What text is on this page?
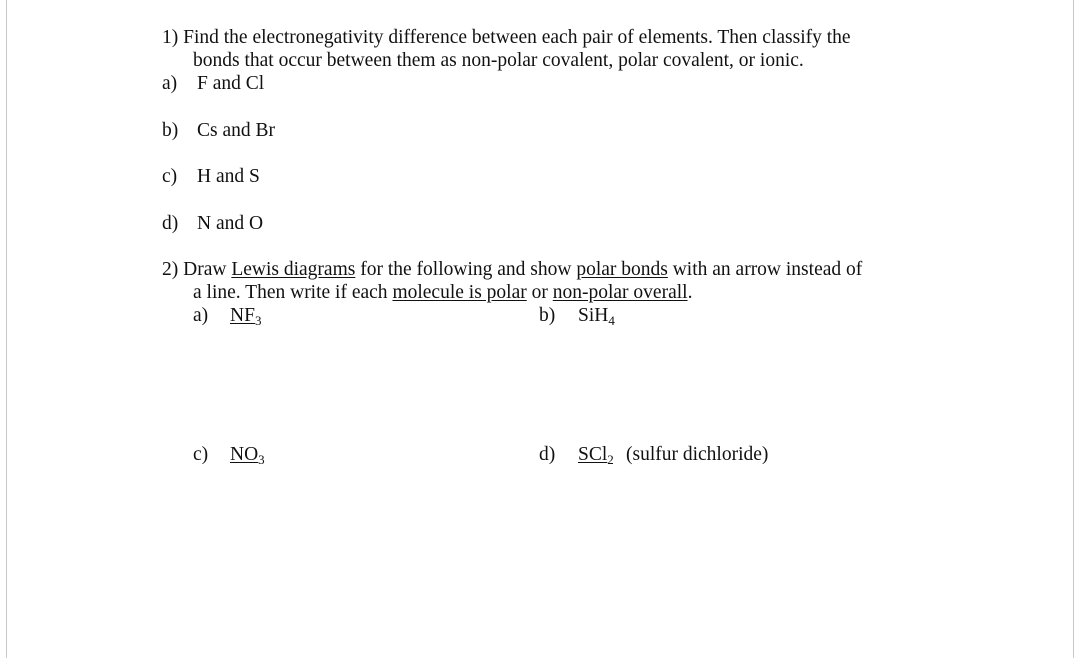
1) Find the electronegativity difference between each pair of elements. Then classify the
bonds that occur between them as non-polar covalent, polar covalent, or ionic.
a) F and Cl
b) Cs and Br
c) H and S
d) N and O
2) Draw Lewis diagrams for the following and show polar bonds with an arrow instead of
a line. Then write if each molecule is polar or non-polar overall.
a) $NF_3$	b) SiH$_4$
c) $NO_3$	d) SCl$_2$ (sulfur dichloride)
